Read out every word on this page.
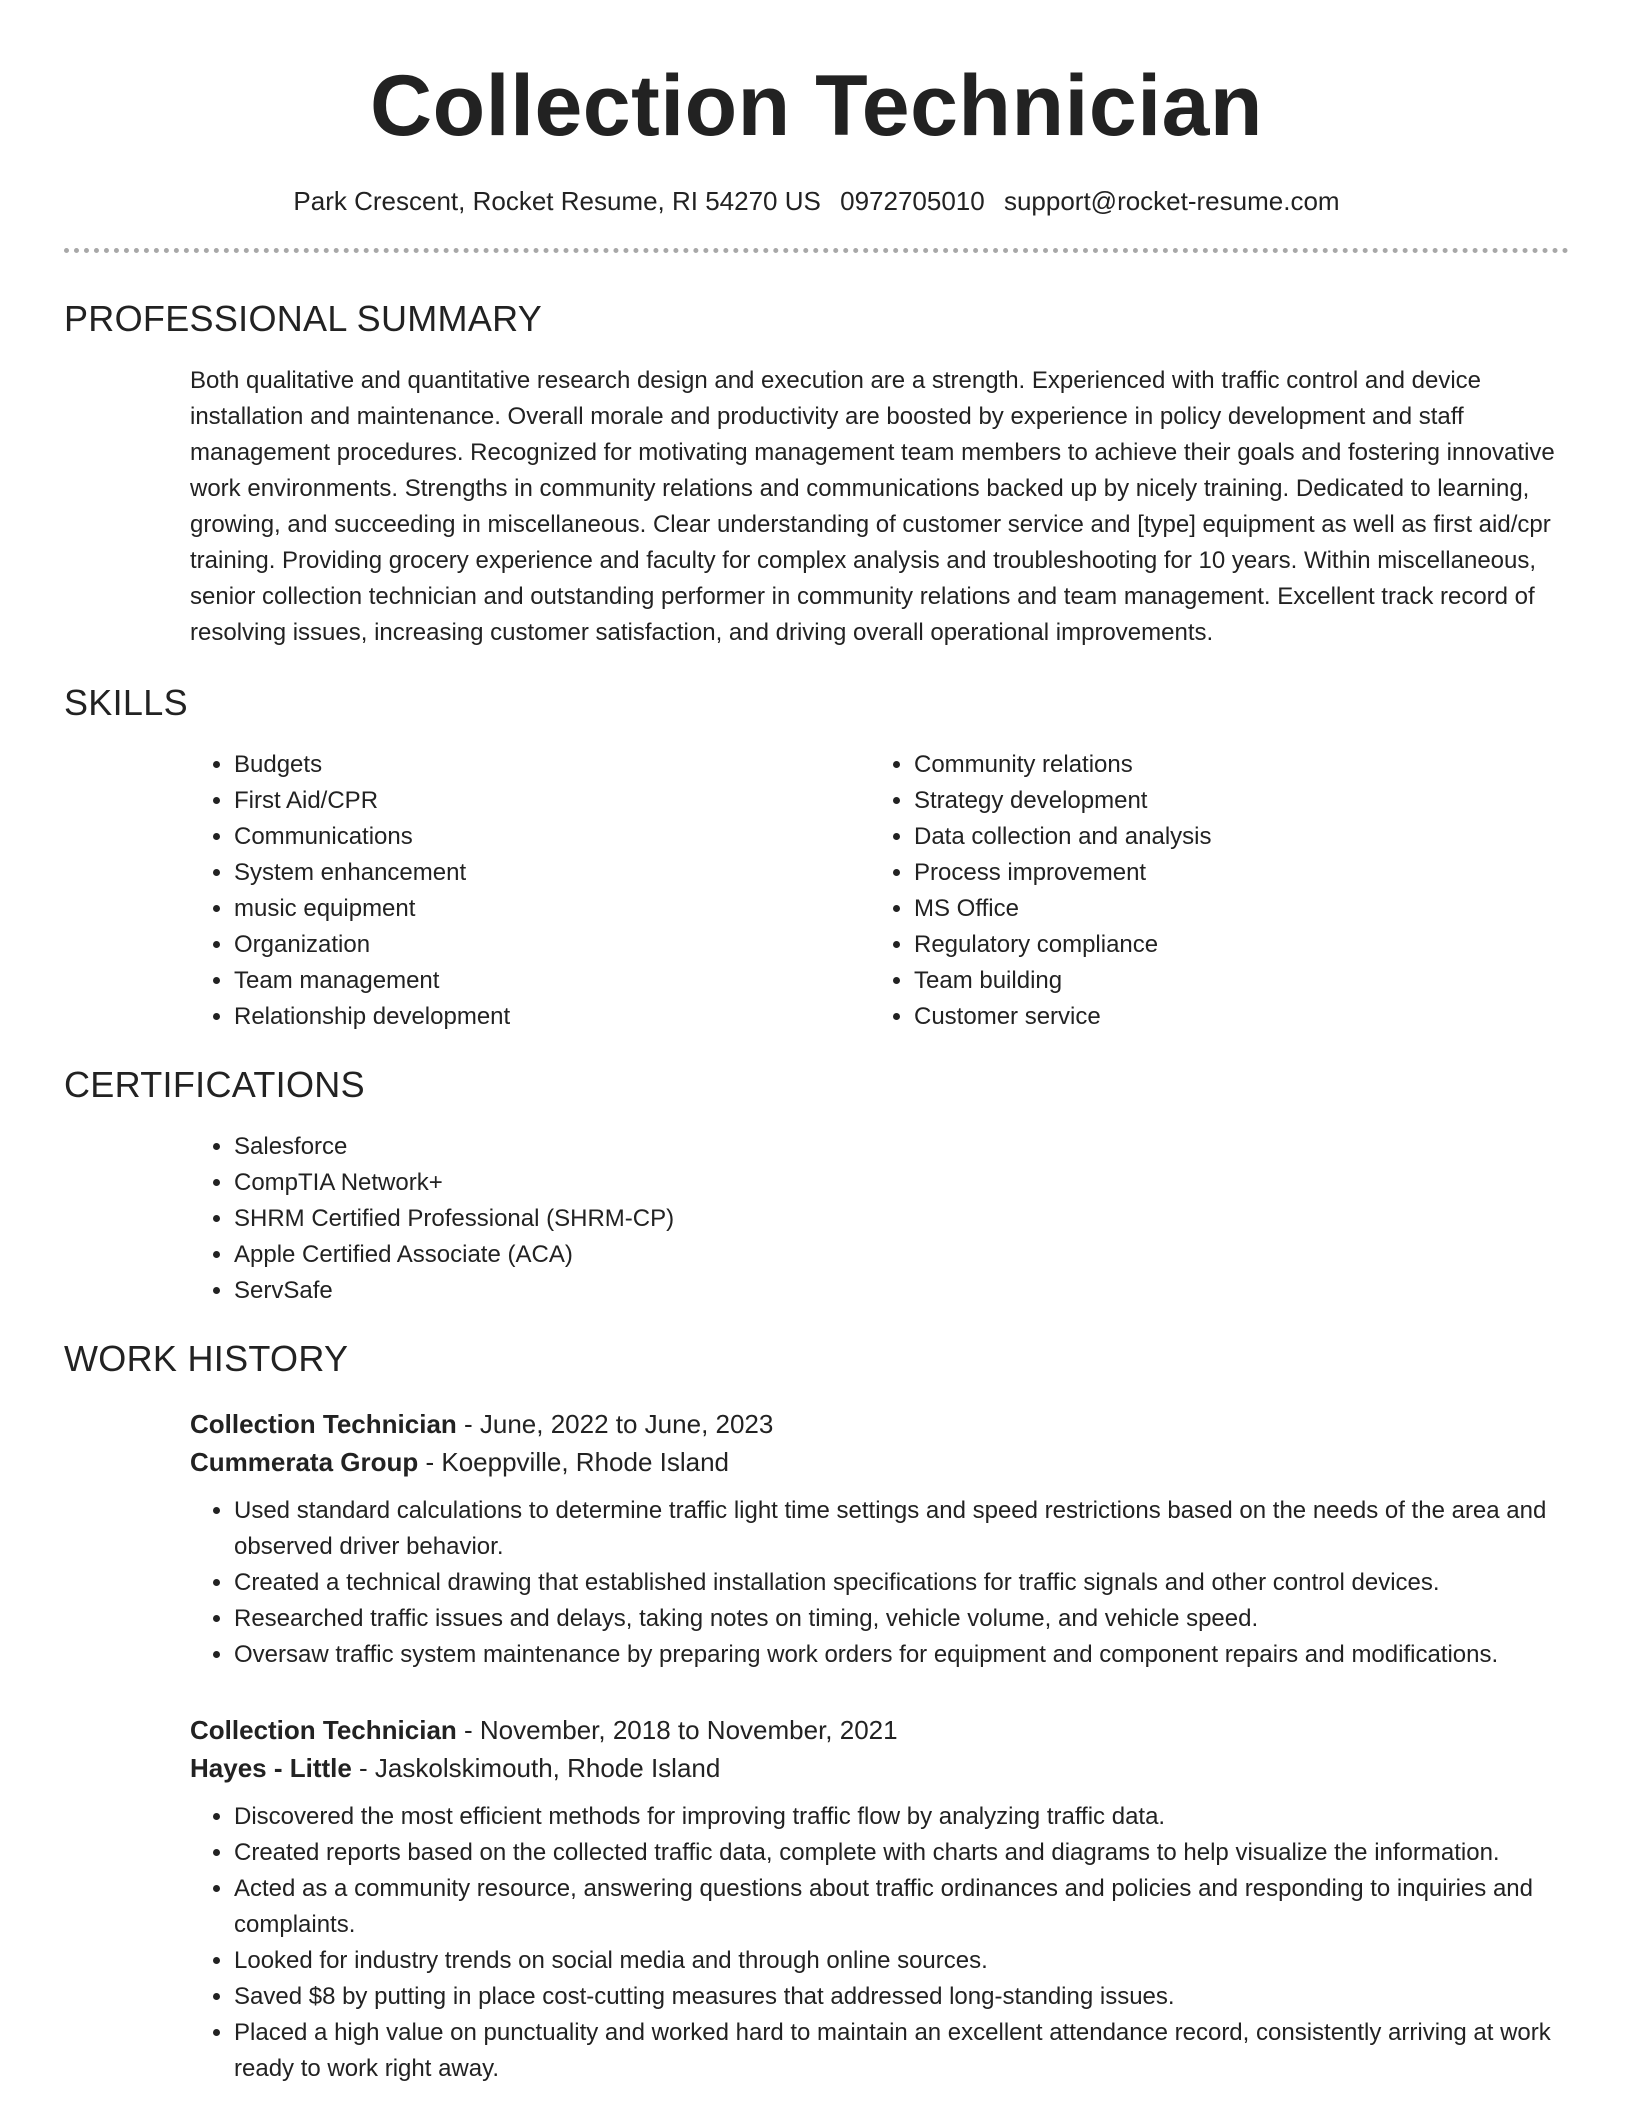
Collection Technician
Park Crescent, Rocket Resume, RI 54270 US 0972705010 support@rocket-resume.com
PROFESSIONAL SUMMARY

Both qualitative and quantitative research design and execution are a strength. Experienced with traffic control and device installation and maintenance. Overall morale and productivity are boosted by experience in policy development and staff management procedures. Recognized for motivating management team members to achieve their goals and fostering innovative work environments. Strengths in community relations and communications backed up by nicely training. Dedicated to learning, growing, and succeeding in miscellaneous. Clear understanding of customer service and [type] equipment as well as first aid/cpr training. Providing grocery experience and faculty for complex analysis and troubleshooting for 10 years. Within miscellaneous, senior collection technician and outstanding performer in community relations and team management. Excellent track record of resolving issues, increasing customer satisfaction, and driving overall operational improvements.

SKILLS
• Budgets
• First Aid/CPR
• Communications
• System enhancement
• music equipment
• Organization
• Team management
• Relationship development
• Community relations
• Strategy development
• Data collection and analysis
• Process improvement
• MS Office
• Regulatory compliance
• Team building
• Customer service
CERTIFICATIONS
• Salesforce
• CompTIA Network+
• SHRM Certified Professional (SHRM-CP)
• Apple Certified Associate (ACA)
• ServSafe
WORK HISTORY
Collection Technician - June, 2022 to June, 2023
Cummerata Group - Koeppville, Rhode Island
• Used standard calculations to determine traffic light time settings and speed restrictions based on the needs of the area and observed driver behavior.
• Created a technical drawing that established installation specifications for traffic signals and other control devices.
• Researched traffic issues and delays, taking notes on timing, vehicle volume, and vehicle speed.
• Oversaw traffic system maintenance by preparing work orders for equipment and component repairs and modifications.
Collection Technician - November, 2018 to November, 2021
Hayes - Little - Jaskolskimouth, Rhode Island
• Discovered the most efficient methods for improving traffic flow by analyzing traffic data.
• Created reports based on the collected traffic data, complete with charts and diagrams to help visualize the information.
• Acted as a community resource, answering questions about traffic ordinances and policies and responding to inquiries and complaints.
• Looked for industry trends on social media and through online sources.
• Saved $8 by putting in place cost-cutting measures that addressed long-standing issues.
• Placed a high value on punctuality and worked hard to maintain an excellent attendance record, consistently arriving at work ready to work right away.
